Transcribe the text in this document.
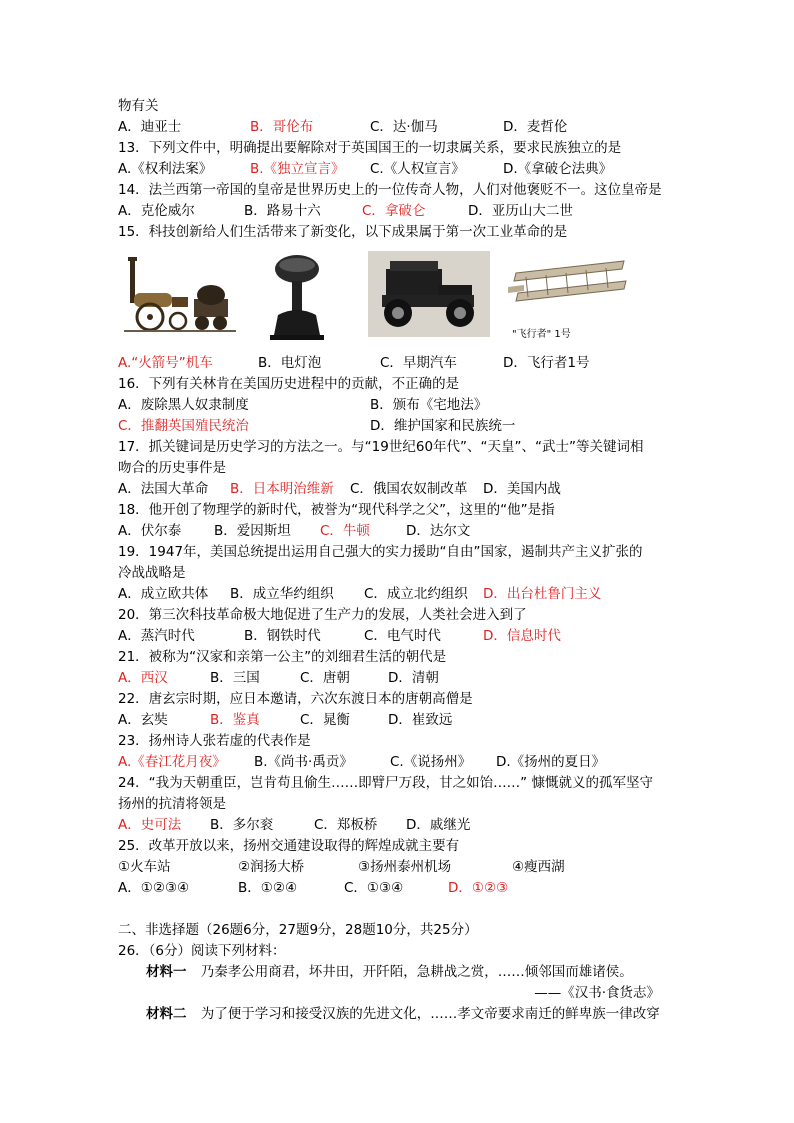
物有关
A．迪亚士	B．哥伦布	C．达·伽马	D．麦哲伦
13．下列文件中，明确提出要解除对于英国国王的一切隶属关系，要求民族独立的是
A.《权利法案》	B.《独立宣言》 C.《人权宣言》	D.《拿破仑法典》
14．法兰西第一帝国的皇帝是世界历史上的一位传奇人物，人们对他褒贬不一。这位皇帝是
A．克伦威尔	B．路易十六	C．拿破仑	D．亚历山大二世
15．科技创新给人们生活带来了新变化，以下成果属于第一次工业革命的是
"飞行者" 1号
A.“火箭号”机车	B．电灯泡	C．早期汽车	D．飞行者1号
16．下列有关林肯在美国历史进程中的贡献，不正确的是
A．废除黑人奴隶制度	B．颁布《宅地法》
C．推翻英国殖民统治	D．维护国家和民族统一
17．抓关键词是历史学习的方法之一。与“19世纪60年代”、“天皇”、“武士”等关键词相
吻合的历史事件是
A．法国大革命 B．日本明治维新 C．俄国农奴制改革 D．美国内战
18．他开创了物理学的新时代，被誉为“现代科学之父”，这里的“他”是指
A．伏尔泰 B．爱因斯坦 C．牛顿	D．达尔文
19．1947年，美国总统提出运用自己强大的实力援助“自由”国家，遏制共产主义扩张的
冷战战略是
A．成立欧共体 B．成立华约组织 C．成立北约组织 D．出台杜鲁门主义
20．第三次科技革命极大地促进了生产力的发展，人类社会进入到了
A．蒸汽时代	B．钢铁时代	C．电气时代	D．信息时代
21．被称为“汉家和亲第一公主”的刘细君生活的朝代是
A．西汉	B．三国	C．唐朝	D．清朝
22．唐玄宗时期，应日本邀请，六次东渡日本的唐朝高僧是
A．玄奘	B．鉴真	C．晁衡	D．崔致远
23．扬州诗人张若虚的代表作是
A.《春江花月夜》 B.《尚书·禹贡》	C.《说扬州》 D.《扬州的夏日》
24．“我为天朝重臣，岂肯苟且偷生……即臂尸万段，甘之如饴……” 慷慨就义的孤军坚守
扬州的抗清将领是
A．史可法 B．多尔衮	C．郑板桥 D．戚继光
25．改革开放以来，扬州交通建设取得的辉煌成就主要有
①火车站	②润扬大桥	③扬州泰州机场	④瘦西湖
A．①②③④	B．①②④	C．①③④	D．①②③
二、非选择题（26题6分，27题9分，28题10分，共25分）
26．（6分）阅读下列材料：
材料一 乃秦孝公用商君，坏井田，开阡陌，急耕战之赏，……倾邻国而雄诸侯。
——《汉书·食货志》
材料二 为了便于学习和接受汉族的先进文化，……孝文帝要求南迁的鲜卑族一律改穿
